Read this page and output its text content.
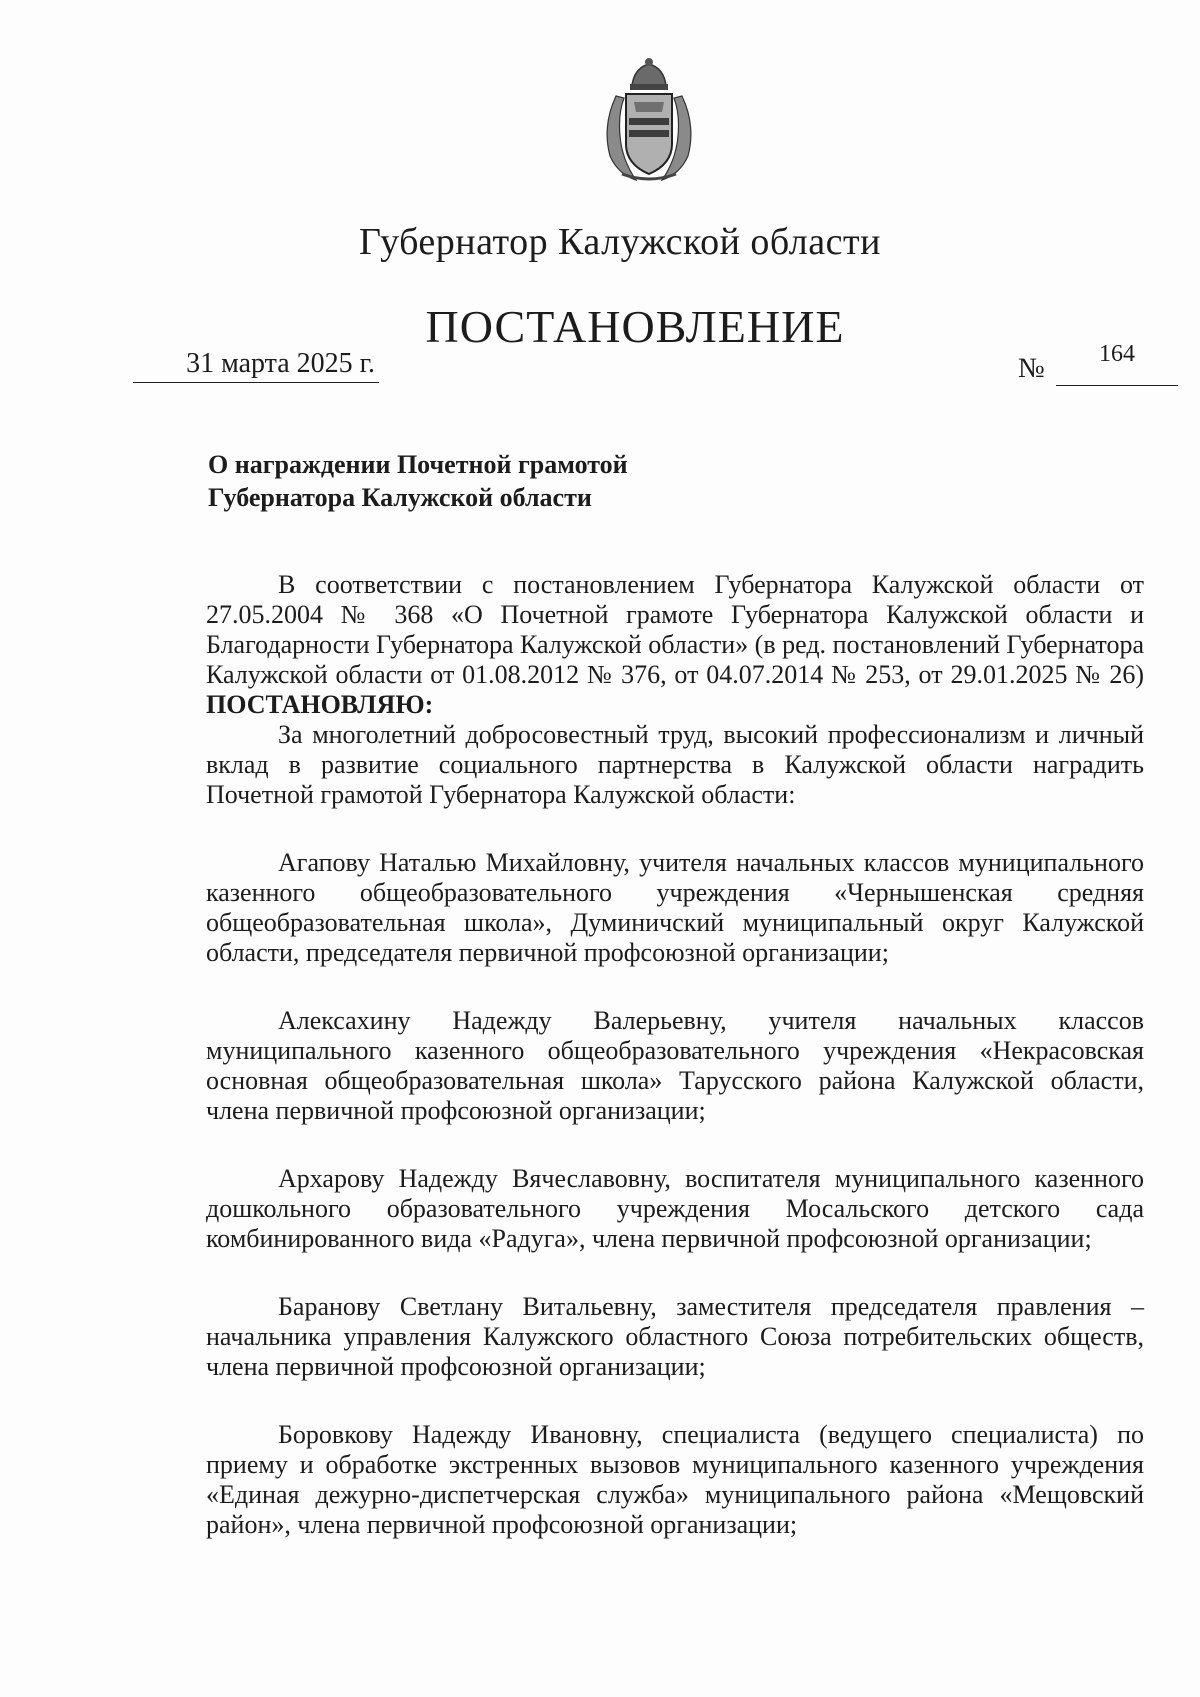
Губернатор Калужской области
ПОСТАНОВЛЕНИЕ
31 марта 2025 г.	№	164
О награждении Почетной грамотой
Губернатора Калужской области

В соответствии с постановлением Губернатора Калужской области от 27.05.2004 № 368 «О Почетной грамоте Губернатора Калужской области и Благодарности Губернатора Калужской области» (в ред. постановлений Губернатора Калужской области от 01.08.2012 № 376, от 04.07.2014 № 253, от 29.01.2025 № 26) ПОСТАНОВЛЯЮ:

За многолетний добросовестный труд, высокий профессионализм и личный вклад в развитие социального партнерства в Калужской области наградить Почетной грамотой Губернатора Калужской области:

Агапову Наталью Михайловну, учителя начальных классов муниципального казенного общеобразовательного учреждения «Чернышенская средняя общеобразовательная школа», Думиничский муниципальный округ Калужской области, председателя первичной профсоюзной организации;

Алексахину Надежду Валерьевну, учителя начальных классов муниципального казенного общеобразовательного учреждения «Некрасовская основная общеобразовательная школа» Тарусского района Калужской области, члена первичной профсоюзной организации;

Архарову Надежду Вячеславовну, воспитателя муниципального казенного дошкольного образовательного учреждения Мосальского детского сада комбинированного вида «Радуга», члена первичной профсоюзной организации;

Баранову Светлану Витальевну, заместителя председателя правления – начальника управления Калужского областного Союза потребительских обществ, члена первичной профсоюзной организации;

Боровкову Надежду Ивановну, специалиста (ведущего специалиста) по приему и обработке экстренных вызовов муниципального казенного учреждения «Единая дежурно-диспетчерская служба» муниципального района «Мещовский район», члена первичной профсоюзной организации;
